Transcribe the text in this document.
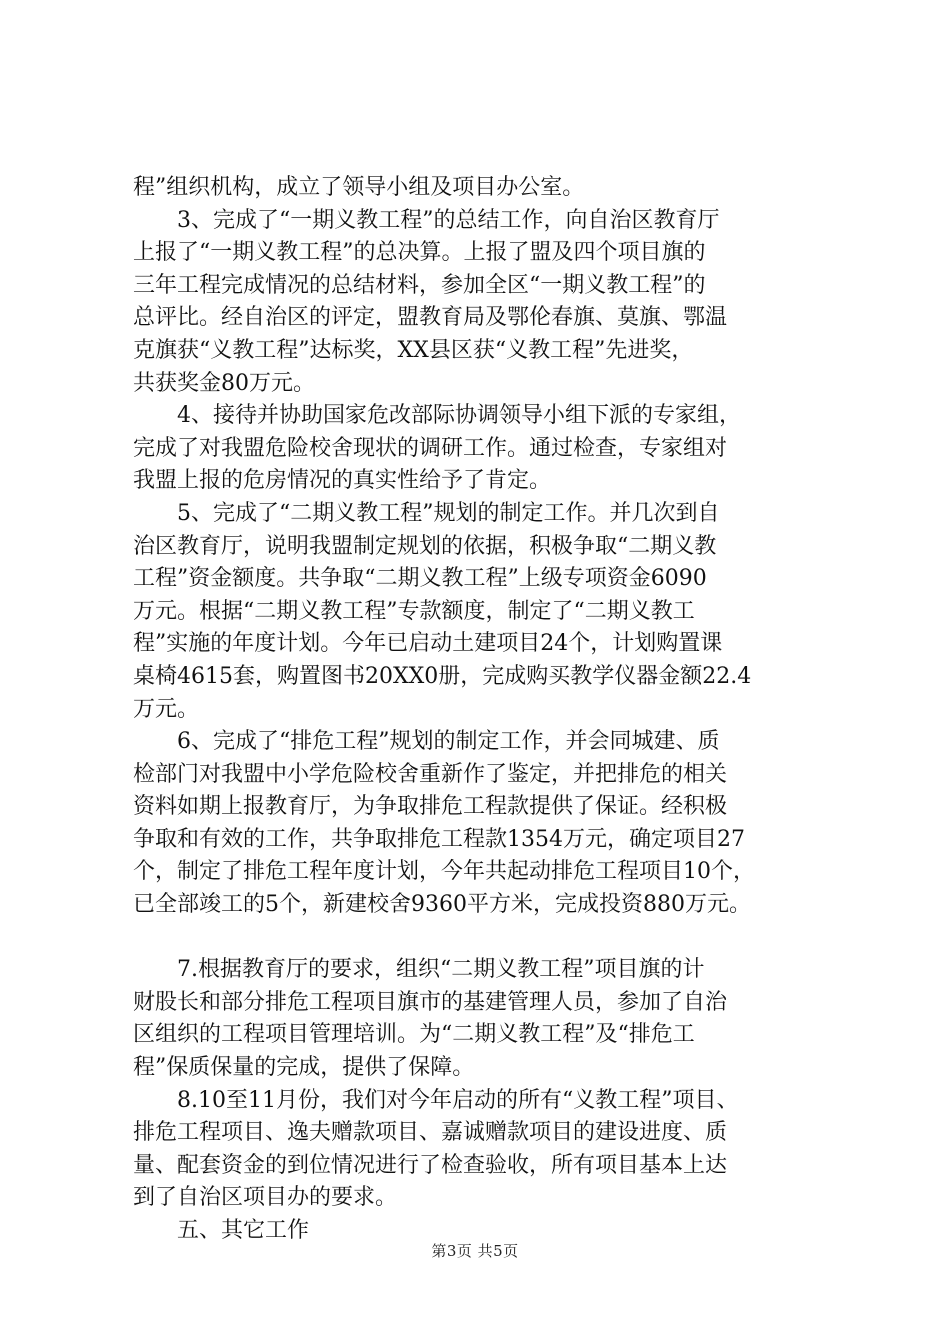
程”组织机构，成立了领导小组及项目办公室。
　　3、完成了“一期义教工程”的总结工作，向自治区教育厅
上报了“一期义教工程”的总决算。上报了盟及四个项目旗的
三年工程完成情况的总结材料，参加全区“一期义教工程”的
总评比。经自治区的评定，盟教育局及鄂伦春旗、莫旗、鄂温
克旗获“义教工程”达标奖，XX县区获“义教工程”先进奖，
共获奖金80万元。
　　4、接待并协助国家危改部际协调领导小组下派的专家组，
完成了对我盟危险校舍现状的调研工作。通过检查，专家组对
我盟上报的危房情况的真实性给予了肯定。
　　5、完成了“二期义教工程”规划的制定工作。并几次到自
治区教育厅，说明我盟制定规划的依据，积极争取“二期义教
工程”资金额度。共争取“二期义教工程”上级专项资金6090
万元。根据“二期义教工程”专款额度，制定了“二期义教工
程”实施的年度计划。今年已启动土建项目24个，计划购置课
桌椅4615套，购置图书20XX0册，完成购买教学仪器金额22.4
万元。
　　6、完成了“排危工程”规划的制定工作，并会同城建、质
检部门对我盟中小学危险校舍重新作了鉴定，并把排危的相关
资料如期上报教育厅，为争取排危工程款提供了保证。经积极
争取和有效的工作，共争取排危工程款1354万元，确定项目27
个，制定了排危工程年度计划，今年共起动排危工程项目10个，
已全部竣工的5个，新建校舍9360平方米，完成投资880万元。
　　7.根据教育厅的要求，组织“二期义教工程”项目旗的计
财股长和部分排危工程项目旗市的基建管理人员，参加了自治
区组织的工程项目管理培训。为“二期义教工程”及“排危工
程”保质保量的完成，提供了保障。
　　8.10至11月份，我们对今年启动的所有“义教工程”项目、
排危工程项目、逸夫赠款项目、嘉诚赠款项目的建设进度、质
量、配套资金的到位情况进行了检查验收，所有项目基本上达
到了自治区项目办的要求。
　　五、其它工作
第3页 共5页
